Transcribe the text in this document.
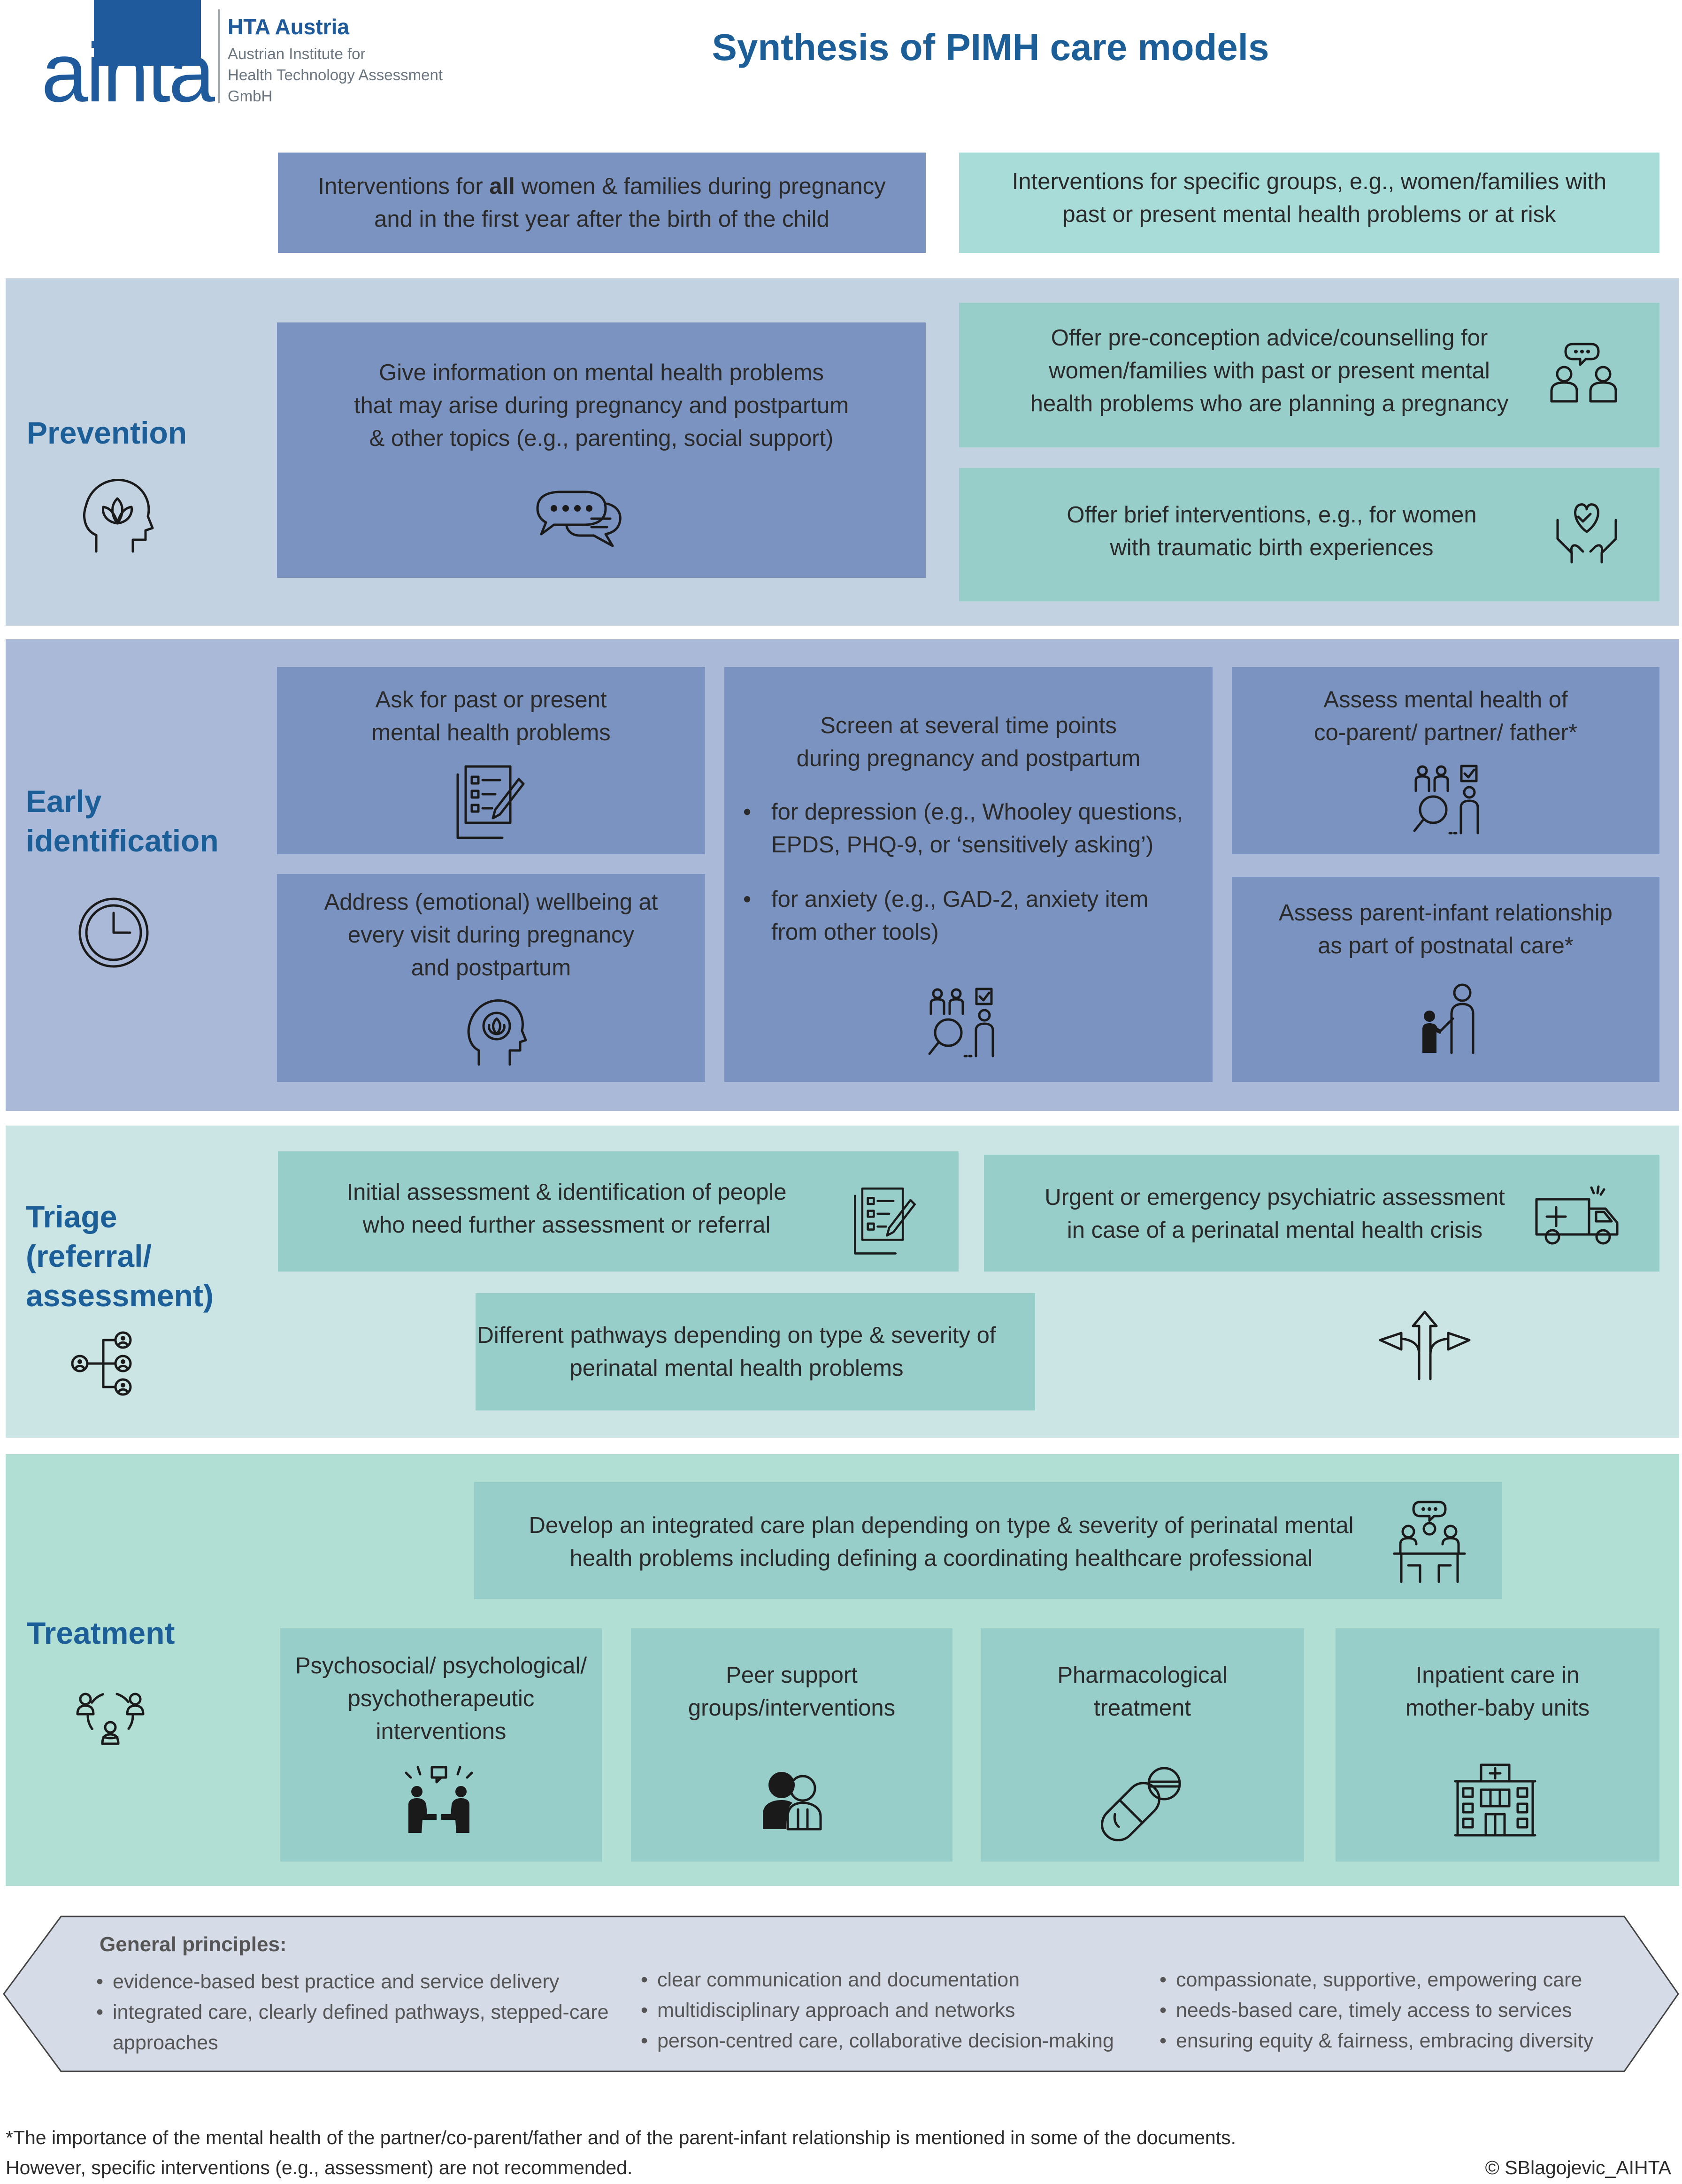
aihta HTA Austria
Austrian Institute for
Health Technology Assessment
GmbH
Synthesis of PIMH care models
Interventions for all women & families during pregnancy
and in the first year after the birth of the child
Interventions for specific groups, e.g., women/families with
past or present mental health problems or at risk
Prevention
Give information on mental health problems
that may arise during pregnancy and postpartum
& other topics (e.g., parenting, social support)
Offer pre-conception advice/counselling for
women/families with past or present mental
health problems who are planning a pregnancy
Offer brief interventions, e.g., for women
with traumatic birth experiences
Early
identification
Ask for past or present
mental health problems
Address (emotional) wellbeing at
every visit during pregnancy
and postpartum
Screen at several time points
during pregnancy and postpartum
• for depression (e.g., Whooley questions,
EPDS, PHQ-9, or ‘sensitively asking’)
• for anxiety (e.g., GAD-2, anxiety item
from other tools)
Assess mental health of
co-parent/ partner/ father*
Assess parent-infant relationship
as part of postnatal care*
Triage
(referral/
assessment)
Initial assessment & identification of people
who need further assessment or referral
Urgent or emergency psychiatric assessment
in case of a perinatal mental health crisis
Different pathways depending on type & severity of
perinatal mental health problems
Treatment
Develop an integrated care plan depending on type & severity of perinatal mental
health problems including defining a coordinating healthcare professional
Psychosocial/ psychological/
psychotherapeutic
interventions
Peer support
groups/interventions
Pharmacological
treatment
Inpatient care in
mother-baby units
General principles:
• evidence-based best practice and service delivery
• integrated care, clearly defined pathways, stepped-care
approaches
• clear communication and documentation
• multidisciplinary approach and networks
• person-centred care, collaborative decision-making
• compassionate, supportive, empowering care
• needs-based care, timely access to services
• ensuring equity & fairness, embracing diversity
*The importance of the mental health of the partner/co-parent/father and of the parent-infant relationship is mentioned in some of the documents.
However, specific interventions (e.g., assessment) are not recommended.	© SBlagojevic_AIHTA
